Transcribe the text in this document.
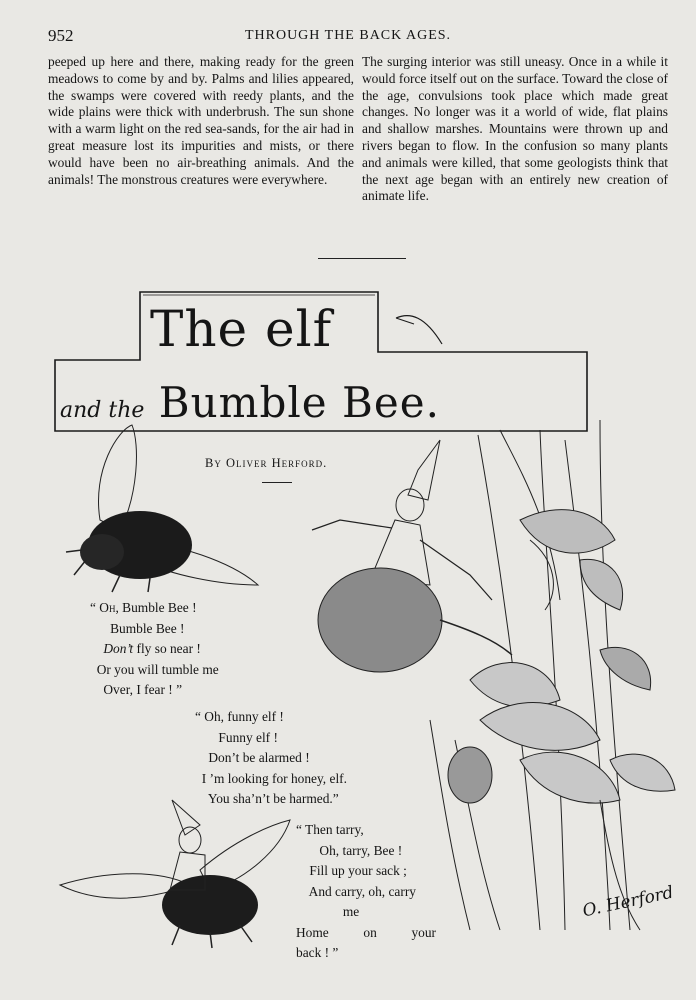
952	THROUGH THE BACK AGES.

peeped up here and there, making ready for the green meadows to come by and by. Palms and lilies appeared, the swamps were covered with reedy plants, and the wide plains were thick with underbrush. The sun shone with a warm light on the red sea-sands, for the air had in great measure lost its impurities and mists, or there would have been no air-breathing animals. And the animals! The monstrous creatures were everywhere.

The surging interior was still uneasy. Once in a while it would force itself out on the surface. Toward the close of the age, convulsions took place which made great changes. No longer was it a world of wide, flat plains and shallow marshes. Mountains were thrown up and rivers began to flow. In the confusion so many plants and animals were killed, that some geologists think that the next age began with an entirely new creation of animate life.

The elf
and the Bumble Bee.
By Oliver Herford.
“ Oh, Bumble Bee !
Bumble Bee !
Don’t fly so near !
Or you will tumble me
Over, I fear ! ”
“ Oh, funny elf !
Funny elf !
Don’t be alarmed !
I ’m looking for honey, elf.
You sha’n’t be harmed.”
“ Then tarry,
Oh, tarry, Bee !
Fill up your sack ;
And carry, oh, carry
me
Home	on	your
back ! ”
O. Herford
